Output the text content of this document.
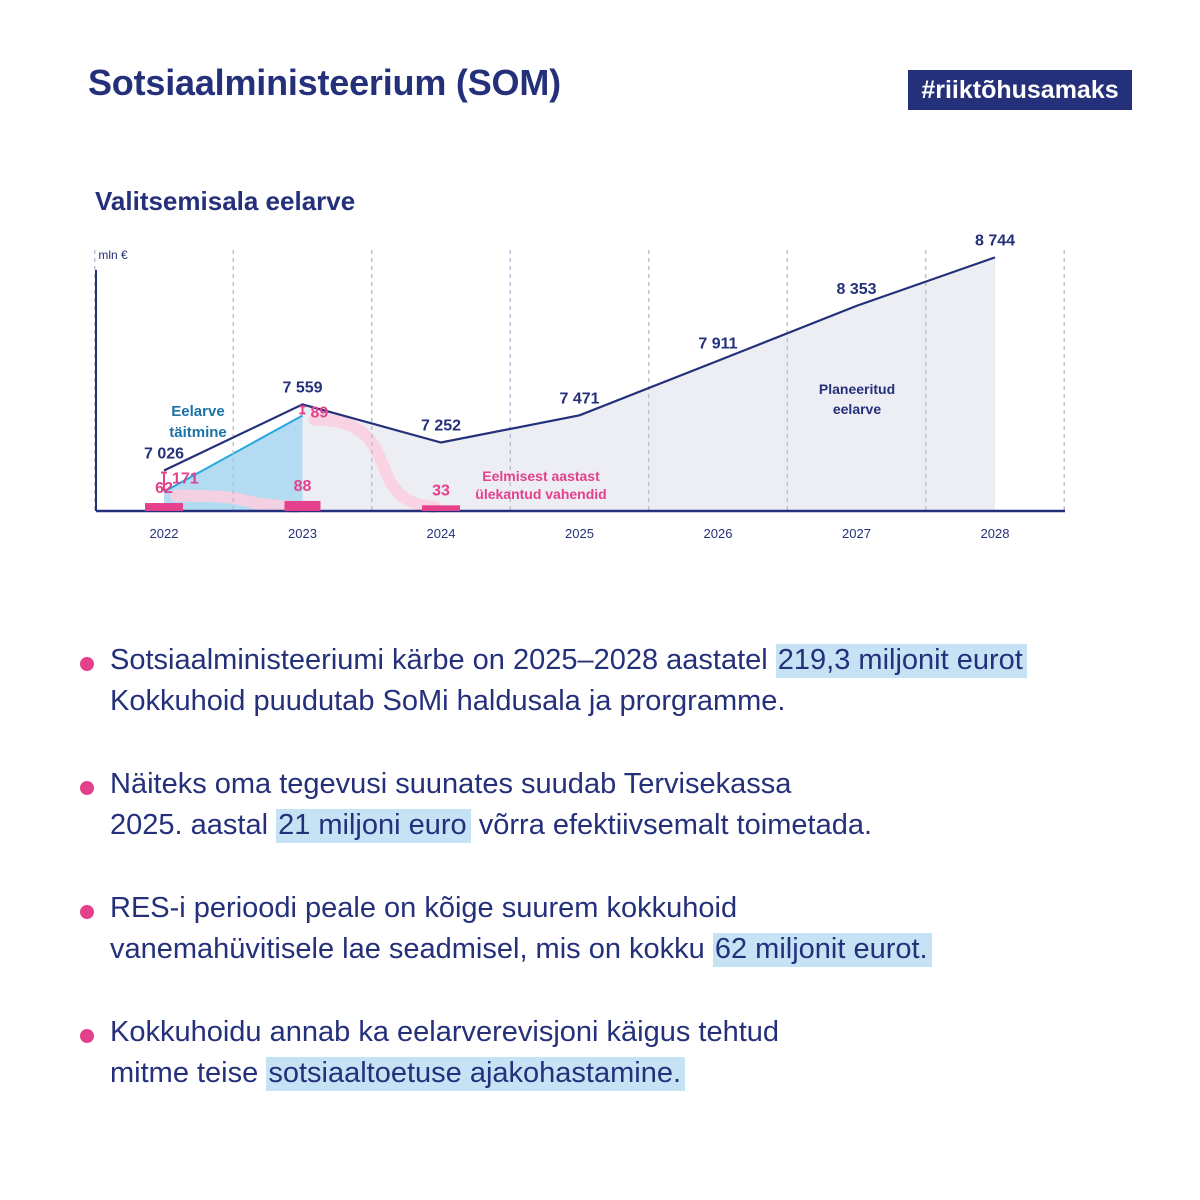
Sotsiaalministeerium (SOM)	#riiktõhusamaks
Valitsemisala eelarve
mln €
2022	2023	2024	2025	2026	2027	2028
7 026
7 559
7 252
7 471
7 911
8 353
8 744
62	88	33
171
89
Eelarve
täitmine
Planeeritud
eelarve
Eelmisest aastast
ülekantud vahendid
Sotsiaalministeeriumi kärbe on 2025–2028 aastatel 219,3 miljonit eurot
Kokkuhoid puudutab SoMi haldusala ja prorgramme.
Näiteks oma tegevusi suunates suudab Tervisekassa
2025. aastal 21 miljoni euro võrra efektiivsemalt toimetada.
RES-i perioodi peale on kõige suurem kokkuhoid
vanemahüvitisele lae seadmisel, mis on kokku 62 miljonit eurot.
Kokkuhoidu annab ka eelarverevisjoni käigus tehtud
mitme teise sotsiaaltoetuse ajakohastamine.
